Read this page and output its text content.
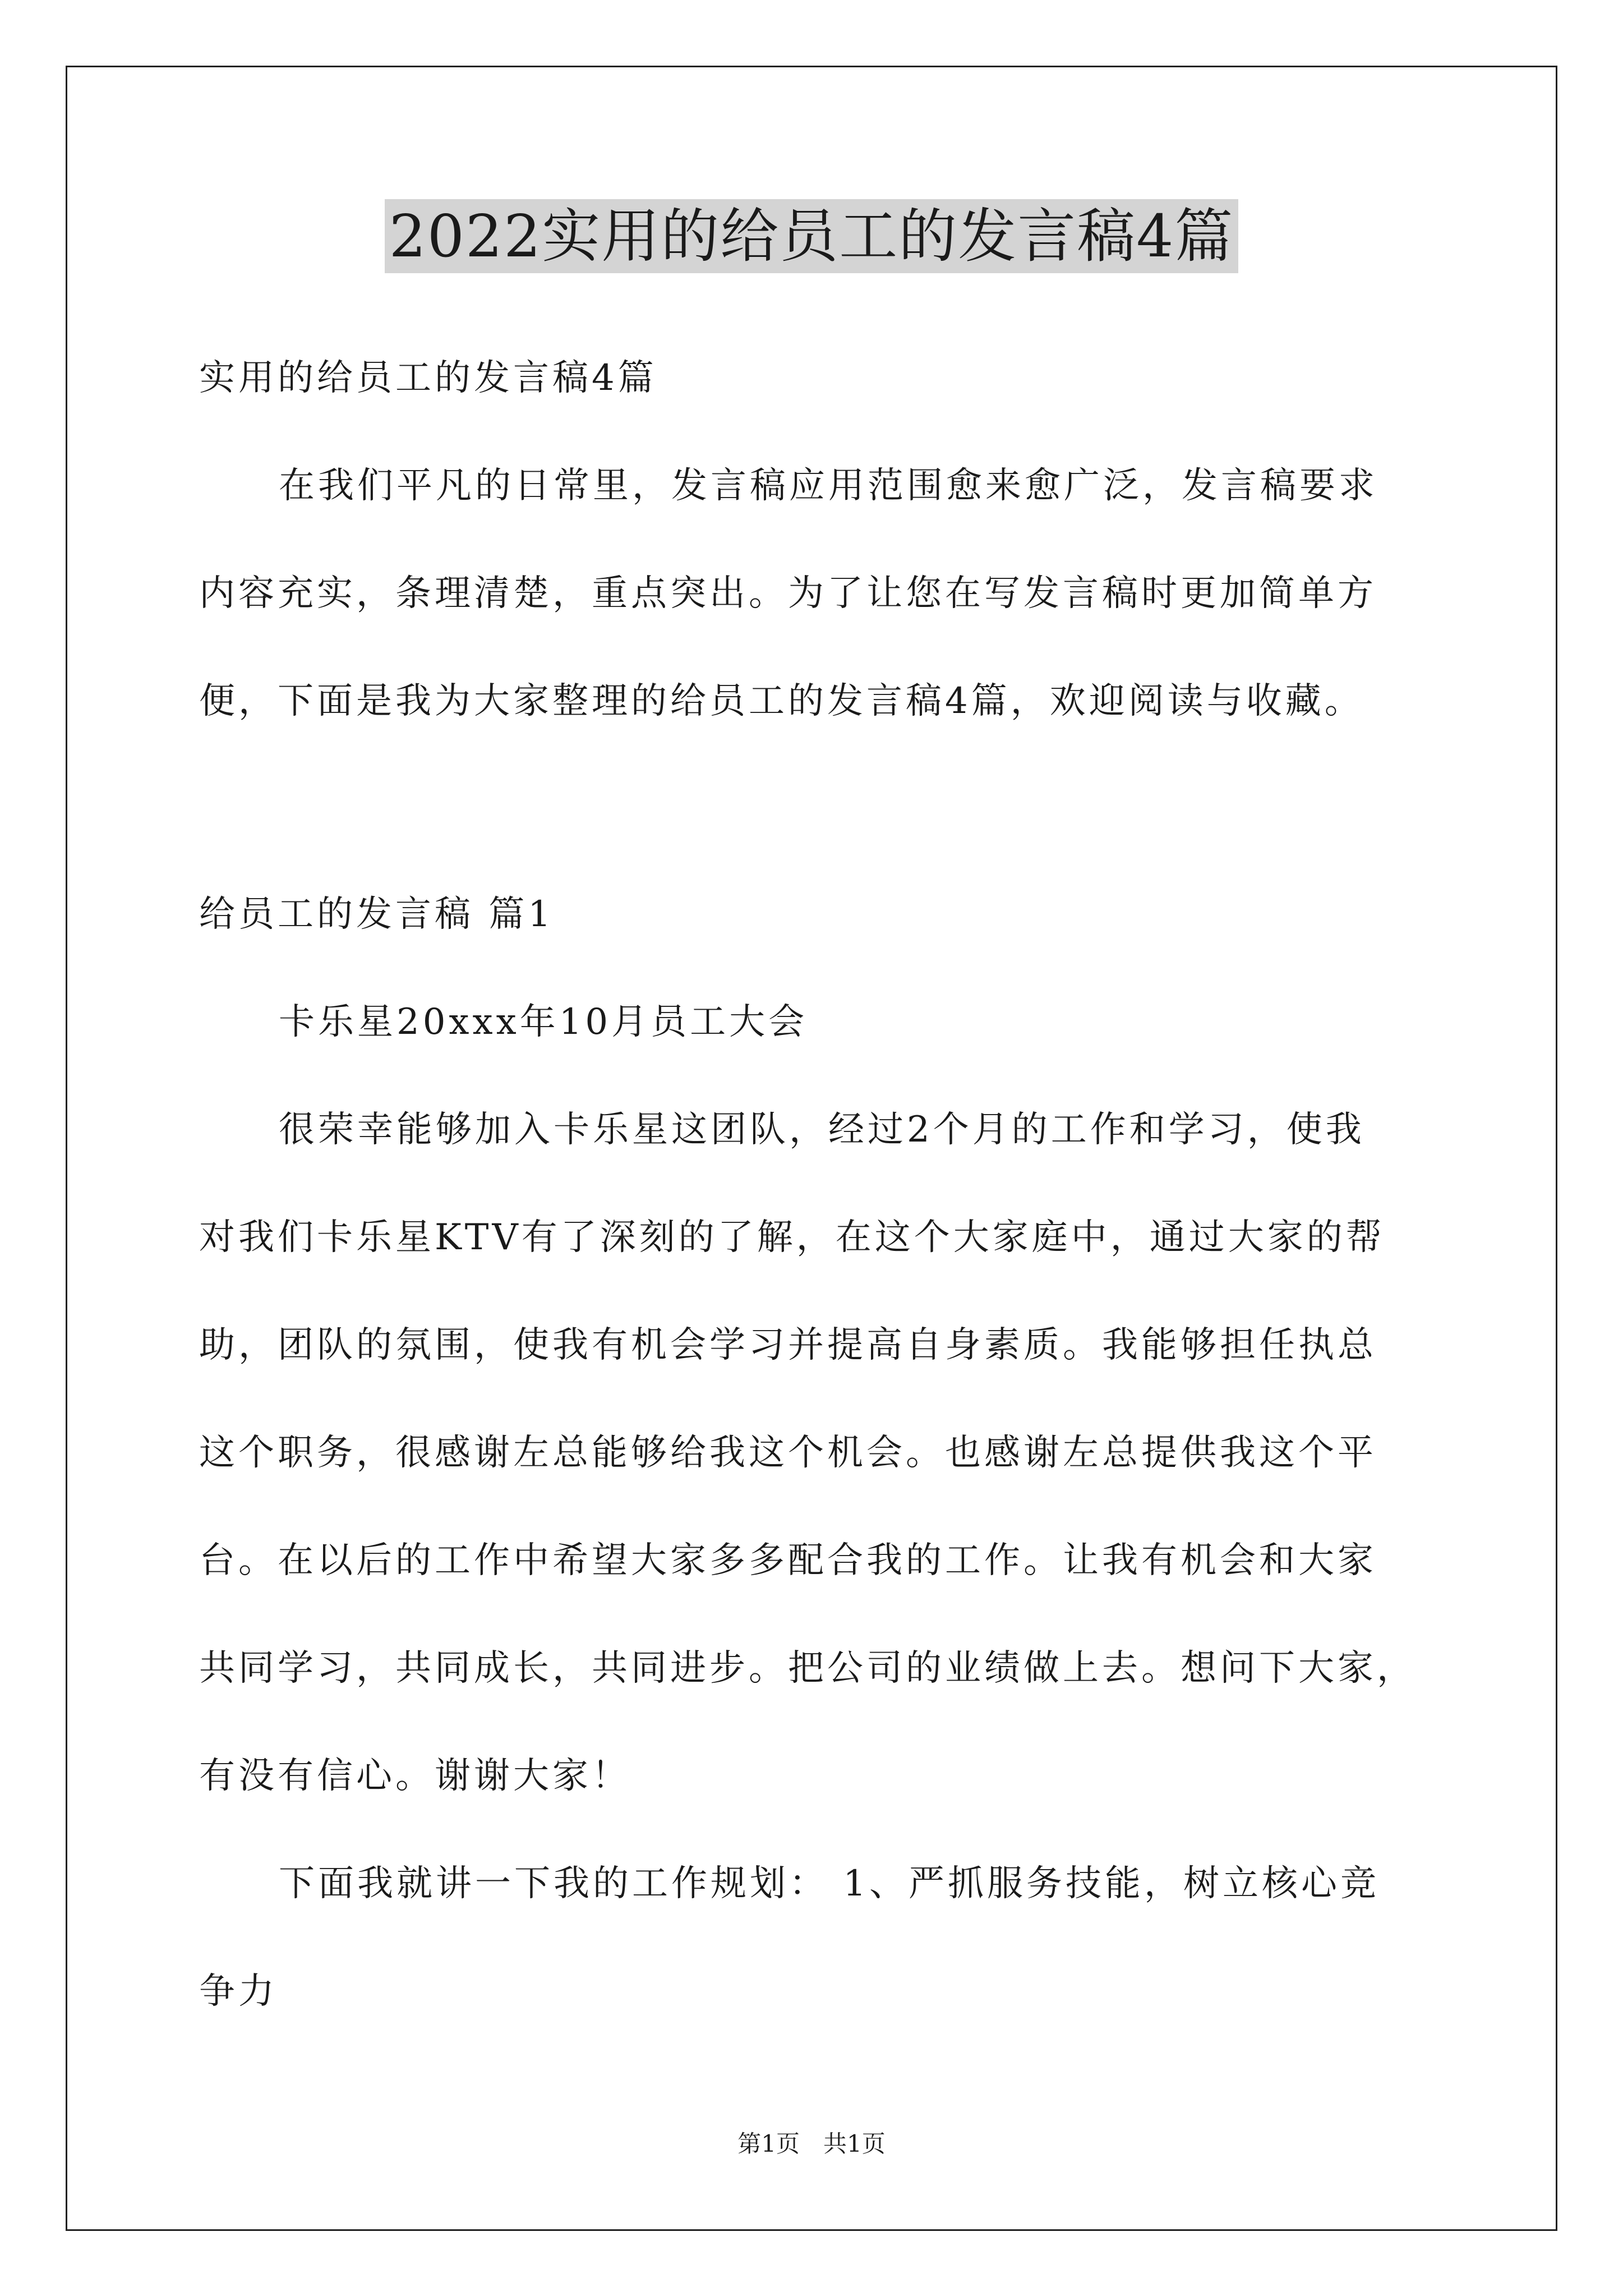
2022实用的给员工的发言稿4篇
实用的给员工的发言稿4篇
在我们平凡的日常里，发言稿应用范围愈来愈广泛，发言稿要求
内容充实，条理清楚，重点突出。为了让您在写发言稿时更加简单方
便，下面是我为大家整理的给员工的发言稿4篇，欢迎阅读与收藏。
给员工的发言稿 篇1
卡乐星20xxx年10月员工大会
很荣幸能够加入卡乐星这团队，经过2个月的工作和学习，使我
对我们卡乐星KTV有了深刻的了解，在这个大家庭中，通过大家的帮
助，团队的氛围，使我有机会学习并提高自身素质。我能够担任执总
这个职务，很感谢左总能够给我这个机会。也感谢左总提供我这个平
台。在以后的工作中希望大家多多配合我的工作。让我有机会和大家
共同学习，共同成长，共同进步。把公司的业绩做上去。想问下大家，
有没有信心。谢谢大家！
下面我就讲一下我的工作规划： 1、严抓服务技能，树立核心竞
争力
第1页　共1页
